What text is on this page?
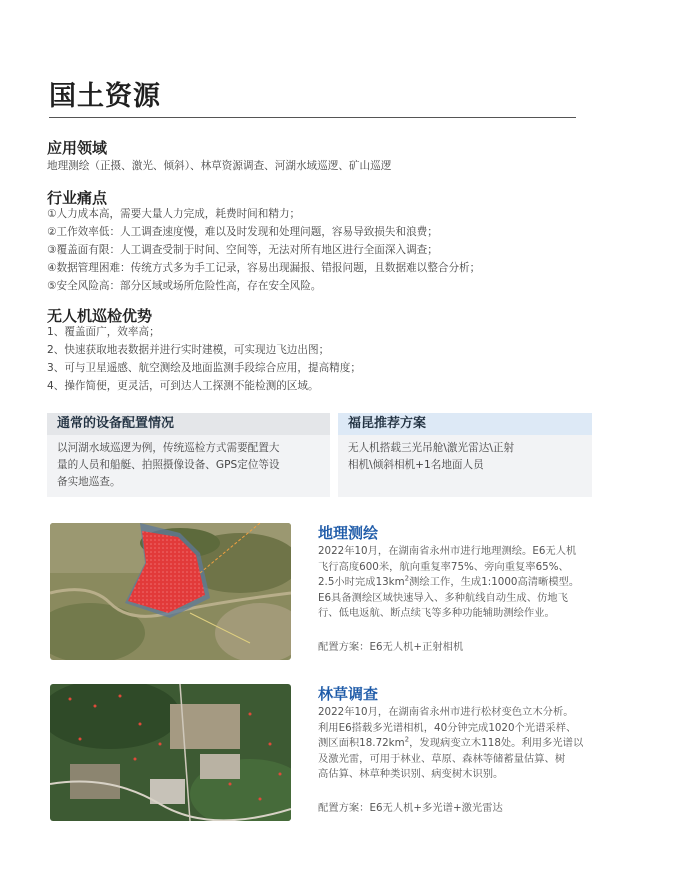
国土资源
应用领域
地理测绘（正摄、激光、倾斜）、林草资源调查、河湖水域巡逻、矿山巡逻
行业痛点
①人力成本高，需要大量人力完成，耗费时间和精力；
②工作效率低：人工调查速度慢，难以及时发现和处理问题，容易导致损失和浪费；
③覆盖面有限：人工调查受制于时间、空间等，无法对所有地区进行全面深入调查；
④数据管理困难：传统方式多为手工记录，容易出现漏报、错报问题，且数据难以整合分析；
⑤安全风险高：部分区域或场所危险性高，存在安全风险。
无人机巡检优势
1、覆盖面广，效率高；
2、快速获取地表数据并进行实时建模，可实现边飞边出图；
3、可与卫星遥感、航空测绘及地面监测手段综合应用，提高精度；
4、操作简便，更灵活，可到达人工探测不能检测的区域。
通常的设备配置情况
以河湖水域巡逻为例，传统巡检方式需要配置大
量的人员和船艇、拍照摄像设备、GPS定位等设
备实地巡查。
福昆推荐方案
无人机搭载三光吊舱\激光雷达\正射
相机\倾斜相机+1名地面人员
地理测绘
2022年10月，在湖南省永州市进行地理测绘。E6无人机
飞行高度600米，航向重复率75%、旁向重复率65%、
2.5小时完成$13km^2$测绘工作，生成1:1000高清晰模型。
E6具备测绘区域快速导入、多种航线自动生成、仿地飞
行、低电返航、断点续飞等多种功能辅助测绘作业。
配置方案：E6无人机+正射相机
林草调查
2022年10月，在湖南省永州市进行松材变色立木分析。
利用E6搭载多光谱相机，40分钟完成1020个光谱采样、
测区面积$18.72km^2$，发现病变立木118处。利用多光谱以
及激光雷，可用于林业、草原、森林等储蓄量估算、树
高估算、林草种类识别、病变树木识别。
配置方案：E6无人机+多光谱+激光雷达
